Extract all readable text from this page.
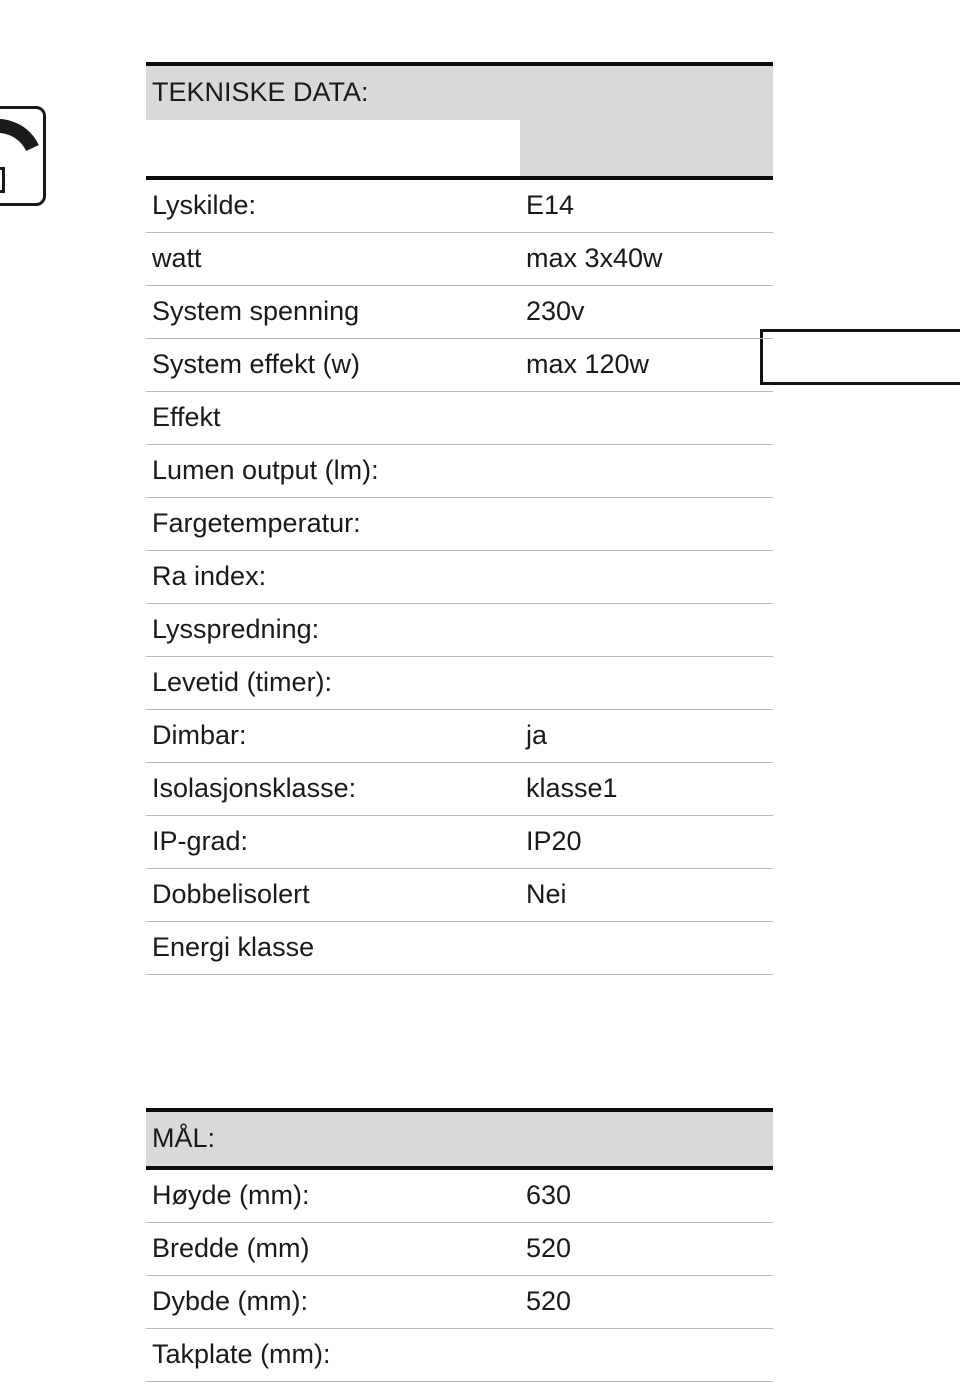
TEKNISKE DATA:	

Lyskilde:	E14
watt	max 3x40w
System spenning	230v
System effekt (w)	max 120w
Effekt	
Lumen output (lm):	
Fargetemperatur:	
Ra index:	
Lysspredning:	
Levetid (timer):	
Dimbar:	ja
Isolasjonsklasse:	klasse1
IP-grad:	IP20
Dobbelisolert	Nei
Energi klasse	
MÅL:	
Høyde (mm):	630
Bredde (mm)	520
Dybde (mm):	520
Takplate (mm):	
